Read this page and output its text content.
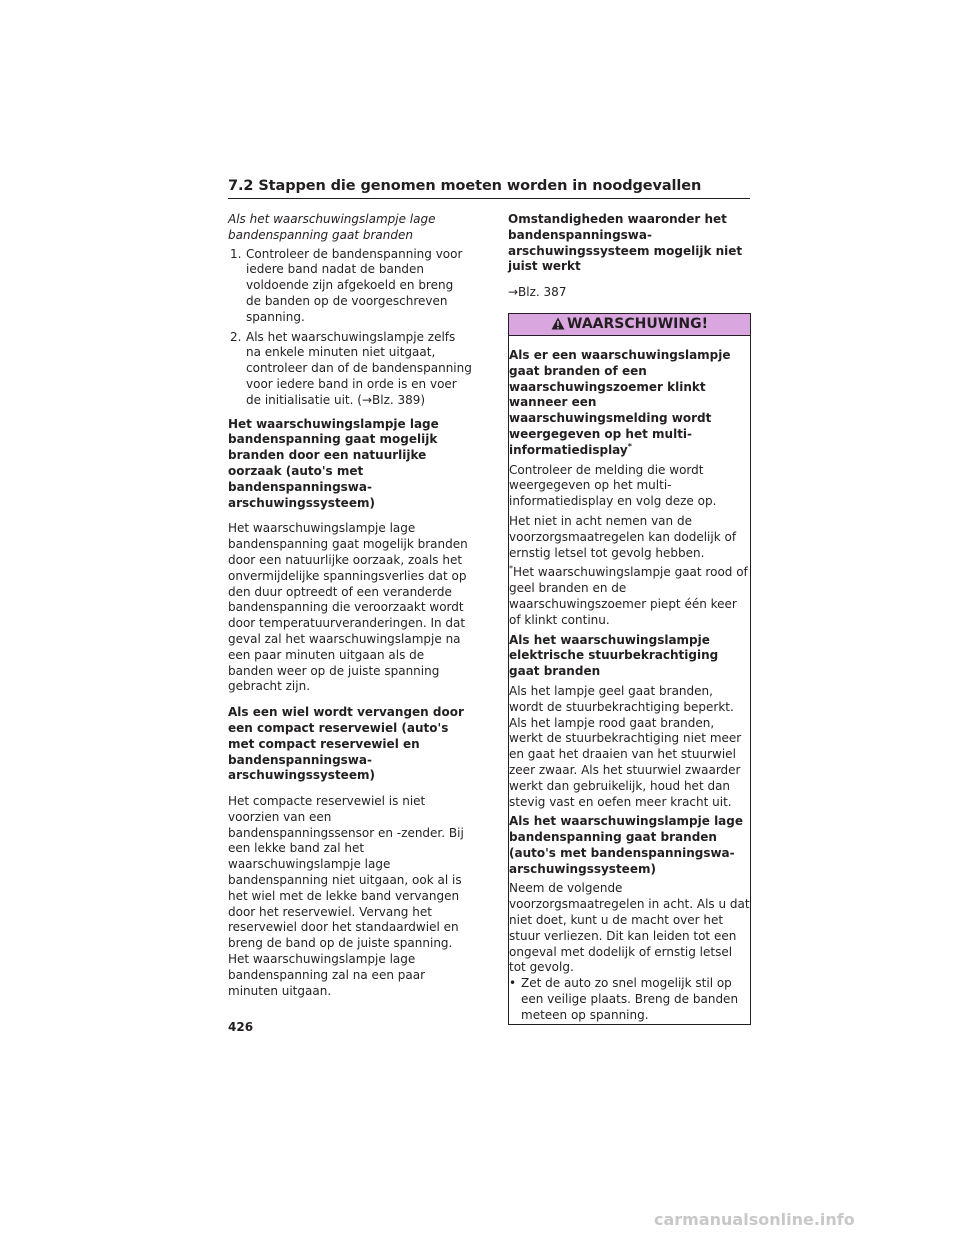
7.2 Stappen die genomen moeten worden in noodgevallen

Als het waarschuwingslampje lage bandenspanning gaat branden

1. Controleer de bandenspanning voor iedere band nadat de banden voldoende zijn afgekoeld en breng de banden op de voorgeschreven spanning.
2. Als het waarschuwingslampje zelfs na enkele minuten niet uitgaat, controleer dan of de bandenspanning voor iedere band in orde is en voer de initialisatie uit. (→Blz. 389)

Het waarschuwingslampje lage bandenspanning gaat mogelijk branden door een natuurlijke oorzaak (auto's met bandenspanningswa-arschuwingssysteem)

Het waarschuwingslampje lage bandenspanning gaat mogelijk branden door een natuurlijke oorzaak, zoals het onvermijdelijke spanningsverlies dat op den duur optreedt of een veranderde bandenspanning die veroorzaakt wordt door temperatuurveranderingen. In dat geval zal het waarschuwingslampje na een paar minuten uitgaan als de banden weer op de juiste spanning gebracht zijn.

Als een wiel wordt vervangen door een compact reservewiel (auto's met compact reservewiel en bandenspanningswa-arschuwingssysteem)

Het compacte reservewiel is niet voorzien van een bandenspanningssensor en -zender. Bij een lekke band zal het waarschuwingslampje lage bandenspanning niet uitgaan, ook al is het wiel met de lekke band vervangen door het reservewiel. Vervang het reservewiel door het standaardwiel en breng de band op de juiste spanning. Het waarschuwingslampje lage bandenspanning zal na een paar minuten uitgaan.

Omstandigheden waaronder het bandenspanningswa-arschuwingssysteem mogelijk niet juist werkt

→Blz. 387

WAARSCHUWING!

Als er een waarschuwingslampje gaat branden of een waarschuwingszoemer klinkt wanneer een waarschuwingsmelding wordt weergegeven op het multi-informatiedisplay*

Controleer de melding die wordt weergegeven op het multi-informatiedisplay en volg deze op.

Het niet in acht nemen van de voorzorgsmaatregelen kan dodelijk of ernstig letsel tot gevolg hebben.

*Het waarschuwingslampje gaat rood of geel branden en de waarschuwingszoemer piept één keer of klinkt continu.

Als het waarschuwingslampje elektrische stuurbekrachtiging gaat branden

Als het lampje geel gaat branden, wordt de stuurbekrachtiging beperkt. Als het lampje rood gaat branden, werkt de stuurbekrachtiging niet meer en gaat het draaien van het stuurwiel zeer zwaar. Als het stuurwiel zwaarder werkt dan gebruikelijk, houd het dan stevig vast en oefen meer kracht uit.

Als het waarschuwingslampje lage bandenspanning gaat branden (auto's met bandenspanningswa-arschuwingssysteem)

Neem de volgende voorzorgsmaatregelen in acht. Als u dat niet doet, kunt u de macht over het stuur verliezen. Dit kan leiden tot een ongeval met dodelijk of ernstig letsel tot gevolg.

• Zet de auto zo snel mogelijk stil op een veilige plaats. Breng de banden meteen op spanning.
426
carmanualsonline.info
